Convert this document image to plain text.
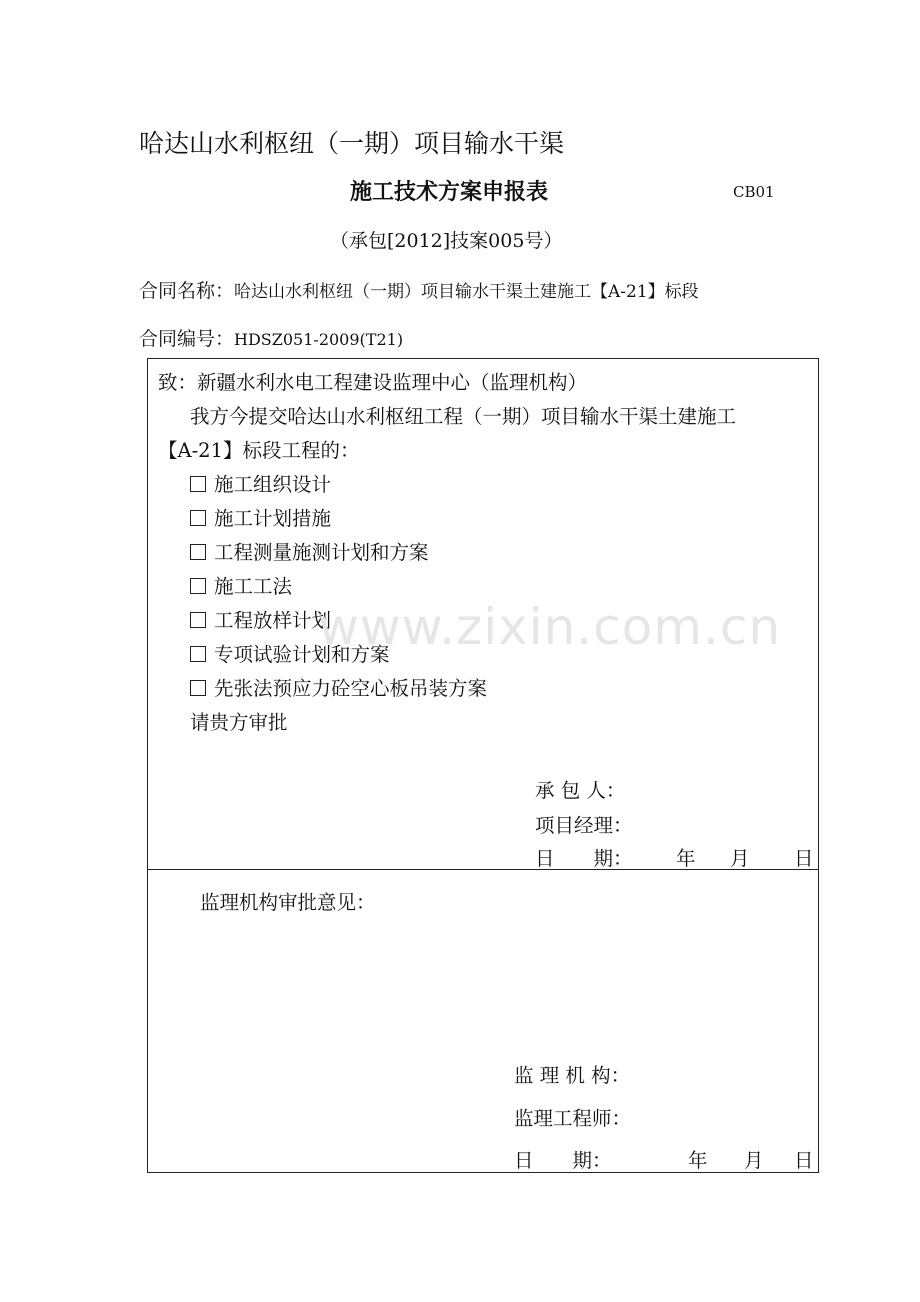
哈达山水利枢纽（一期）项目输水干渠
施工技术方案申报表	CB01
（承包[2012]技案005号）
合同名称：哈达山水利枢纽（一期）项目输水干渠土建施工【A-21】标段
合同编号：HDSZ051-2009(T21)
致：新疆水利水电工程建设监理中心（监理机构）
我方今提交哈达山水利枢纽工程（一期）项目输水干渠土建施工
【A-21】标段工程的：
施工组织设计
施工计划措施
工程测量施测计划和方案
施工工法
工程放样计划
专项试验计划和方案
先张法预应力砼空心板吊装方案
请贵方审批
承 包 人：
项目经理：
日　　期： 年 月 日
监理机构审批意见：
监 理 机 构：
监理工程师：
日　　期：	年 月 日
www.zixin.com.cn
